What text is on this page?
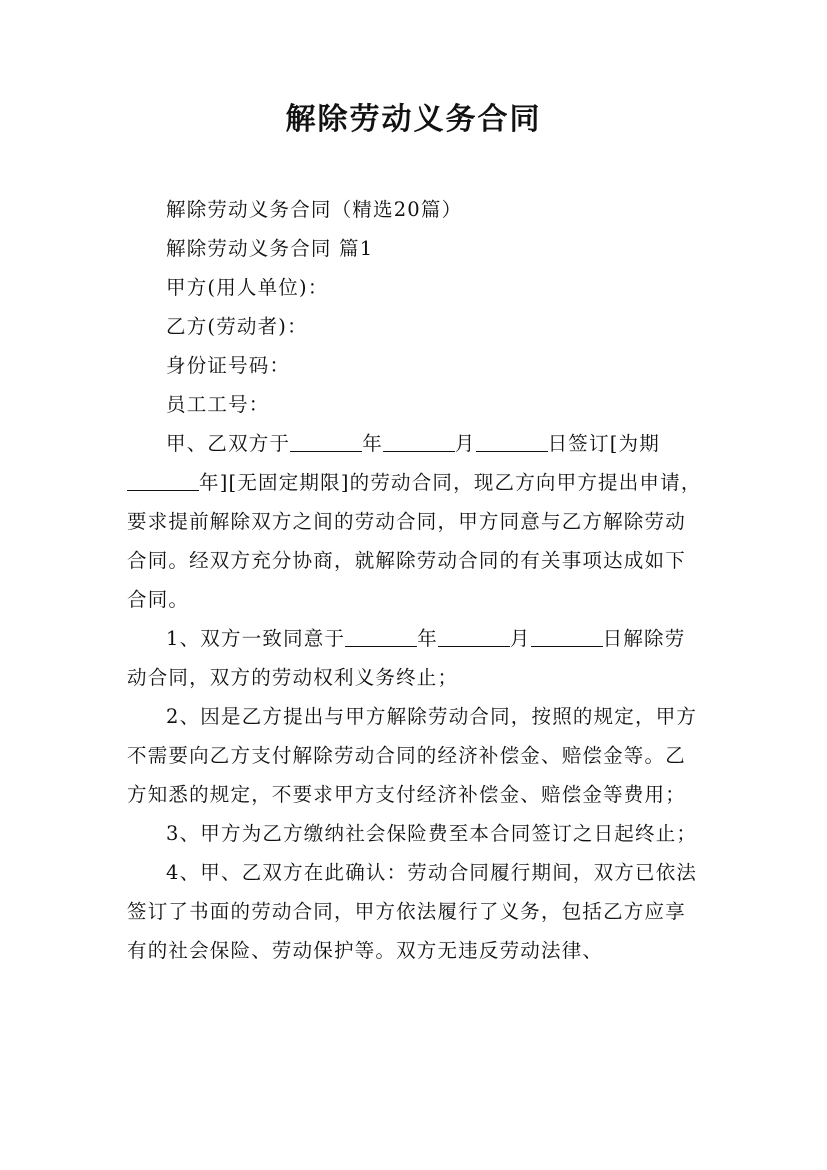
解除劳动义务合同

解除劳动义务合同（精选20篇）

解除劳动义务合同 篇1

甲方(用人单位)：

乙方(劳动者)：

身份证号码：

员工工号：

甲、乙双方于	年	月	日签订[为期年][无固定期限]的劳动合同，现乙方向甲方提出申请，要求提前解除双方之间的劳动合同，甲方同意与乙方解除劳动合同。经双方充分协商，就解除劳动合同的有关事项达成如下合同。

1、双方一致同意于	年	月	日解除劳动合同，双方的劳动权利义务终止；

2、因是乙方提出与甲方解除劳动合同，按照的规定，甲方不需要向乙方支付解除劳动合同的经济补偿金、赔偿金等。乙方知悉的规定，不要求甲方支付经济补偿金、赔偿金等费用；

3、甲方为乙方缴纳社会保险费至本合同签订之日起终止；

4、甲、乙双方在此确认：劳动合同履行期间，双方已依法签订了书面的劳动合同，甲方依法履行了义务，包括乙方应享有的社会保险、劳动保护等。双方无违反劳动法律、
